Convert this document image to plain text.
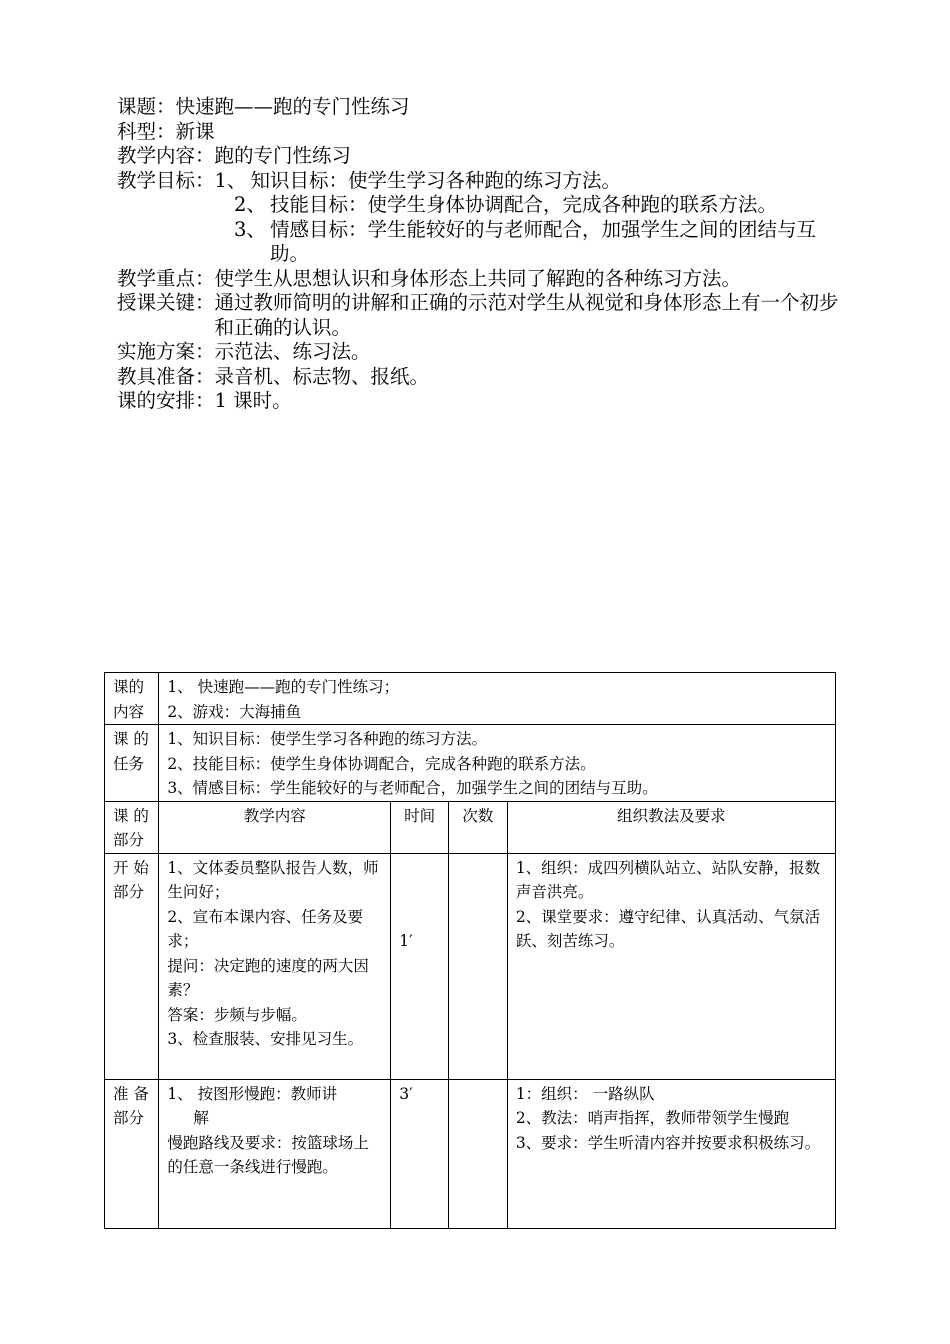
课题： 快速跑——跑的专门性练习
科型： 新课
教学内容： 跑的专门性练习
教学目标： 1、 知识目标：使学生学习各种跑的练习方法。
2、 技能目标：使学生身体协调配合，完成各种跑的联系方法。
3、 情感目标：学生能较好的与老师配合，加强学生之间的团结与互助。
教学重点： 使学生从思想认识和身体形态上共同了解跑的各种练习方法。
授课关键： 通过教师简明的讲解和正确的示范对学生从视觉和身体形态上有一个初步和正确的认识。
实施方案： 示范法、练习法。
教具准备： 录音机、标志物、报纸。
课的安排： 1 课时。
课的
内容	1、 快速跑——跑的专门性练习；
2、游戏：大海捕鱼			

课 的
任务	1、知识目标：使学生学习各种跑的练习方法。
2、技能目标：使学生身体协调配合，完成各种跑的联系方法。
3、情感目标：学生能较好的与老师配合，加强学生之间的团结与互助。			

课 的
部分	教学内容	时间	次数	组织教法及要求

开 始
部分	1、文体委员整队报告人数，师生问好；
2、宣布本课内容、任务及要求；
提问：决定跑的速度的两大因素？
答案：步频与步幅。
3、检查服装、安排见习生。	1′		1、组织：成四列横队站立、站队安静，报数声音洪亮。
2、课堂要求：遵守纪律、认真活动、气氛活跃、刻苦练习。

准 备
部分	1、 按图形慢跑：教师讲
解
慢跑路线及要求：按篮球场上的任意一条线进行慢跑。	3′		1：组织： 一路纵队
2、教法：哨声指挥，教师带领学生慢跑
3、要求：学生听清内容并按要求积极练习。
